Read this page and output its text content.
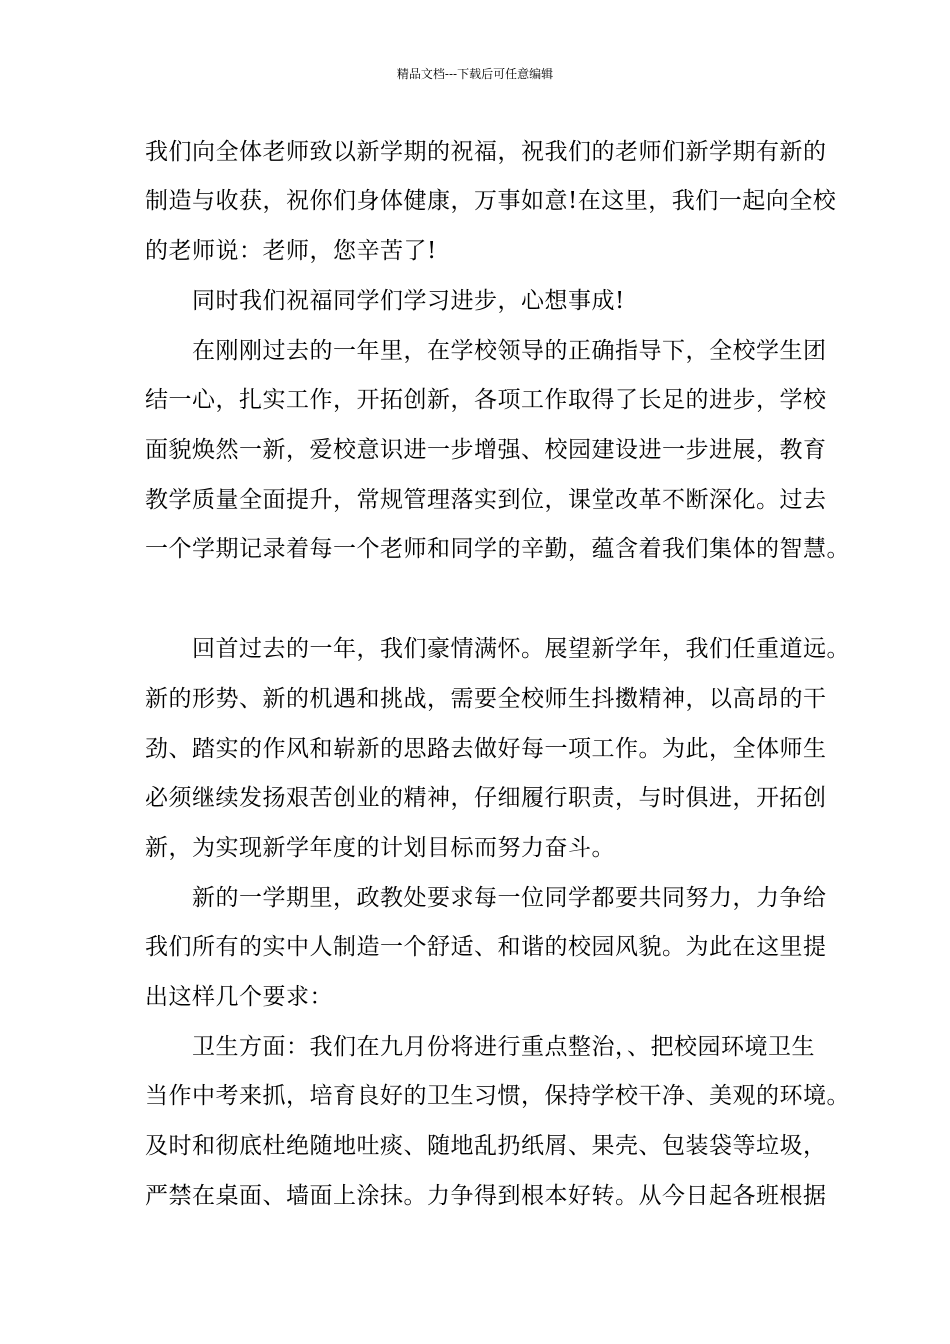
精品文档---下载后可任意编辑
我们向全体老师致以新学期的祝福，祝我们的老师们新学期有新的
制造与收获，祝你们身体健康，万事如意!在这里，我们一起向全校
的老师说：老师，您辛苦了!
同时我们祝福同学们学习进步，心想事成!
在刚刚过去的一年里，在学校领导的正确指导下，全校学生团
结一心，扎实工作，开拓创新，各项工作取得了长足的进步，学校
面貌焕然一新，爱校意识进一步增强、校园建设进一步进展，教育
教学质量全面提升，常规管理落实到位，课堂改革不断深化。过去
一个学期记录着每一个老师和同学的辛勤，蕴含着我们集体的智慧。
回首过去的一年，我们豪情满怀。展望新学年，我们任重道远。
新的形势、新的机遇和挑战，需要全校师生抖擞精神，以高昂的干
劲、踏实的作风和崭新的思路去做好每一项工作。为此，全体师生
必须继续发扬艰苦创业的精神，仔细履行职责，与时俱进，开拓创
新，为实现新学年度的计划目标而努力奋斗。
新的一学期里，政教处要求每一位同学都要共同努力，力争给
我们所有的实中人制造一个舒适、和谐的校园风貌。为此在这里提
出这样几个要求：
卫生方面：我们在九月份将进行重点整治，、把校园环境卫生
当作中考来抓，培育良好的卫生习惯，保持学校干净、美观的环境。
及时和彻底杜绝随地吐痰、随地乱扔纸屑、果壳、包装袋等垃圾，
严禁在桌面、墙面上涂抹。力争得到根本好转。从今日起各班根据
